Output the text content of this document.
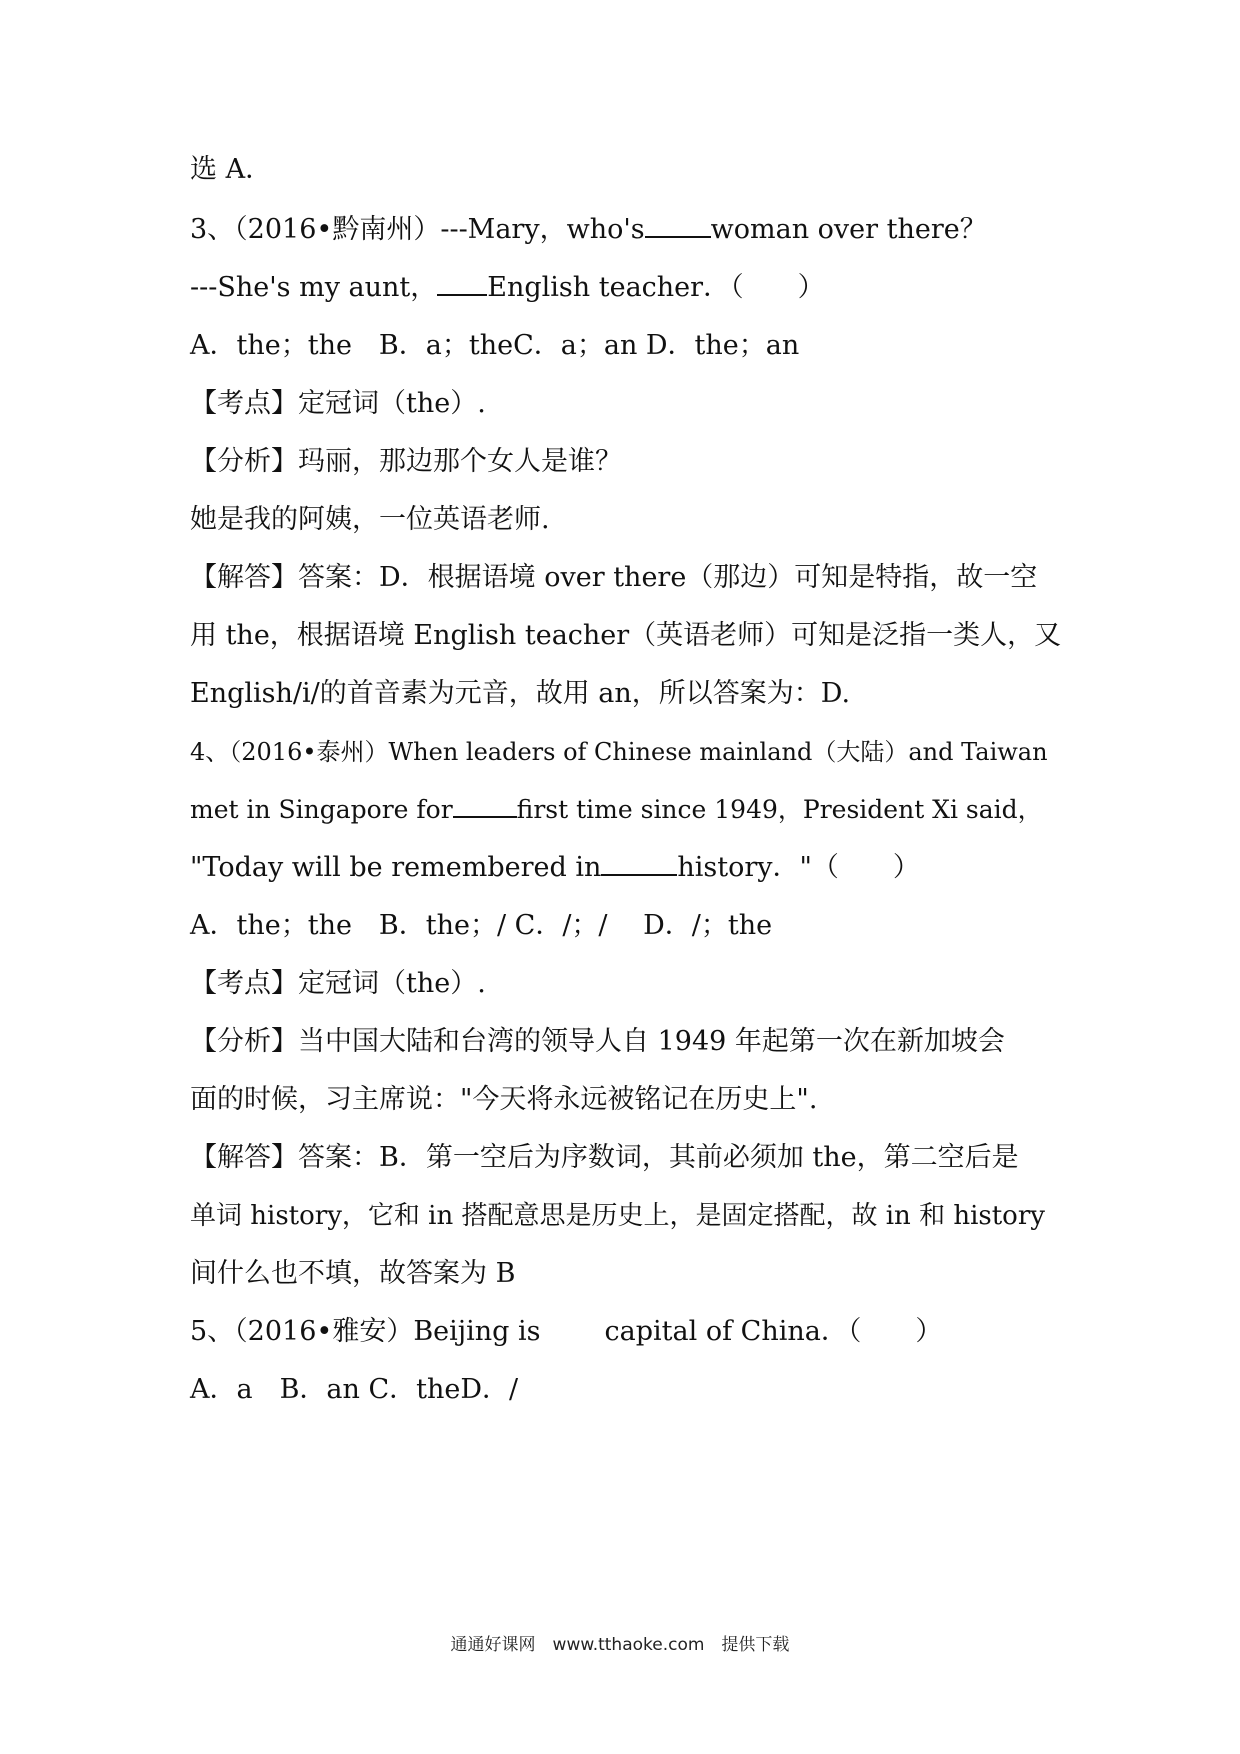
选 A．
3、（2016•黔南州）---Mary，who's woman over there？
---She's my aunt， English teacher．（　　）
A．the；the　B．a；theC．a；an D．the；an
【考点】定冠词（the）.
【分析】玛丽，那边那个女人是谁？
她是我的阿姨，一位英语老师.
【解答】答案：D．根据语境 over there（那边）可知是特指，故一空
用 the，根据语境 English teacher（英语老师）可知是泛指一类人，又
English/i/的首音素为元音，故用 an，所以答案为：D.
4、（2016•泰州）When leaders of Chinese mainland（大陆）and Taiwan
met in Singapore for	first time since 1949，President Xi said，
"Today will be remembered in	history．"（　　）
A．the；the　B．the；/ C．/；/　 D．/；the
【考点】定冠词（the）.
【分析】当中国大陆和台湾的领导人自 1949 年起第一次在新加坡会
面的时候，习主席说："今天将永远被铭记在历史上".
【解答】答案：B．第一空后为序数词，其前必须加 the，第二空后是
单词 history，它和 in 搭配意思是历史上，是固定搭配，故 in 和 history
间什么也不填，故答案为 B
5、（2016•雅安）Beijing is capital of China．（　　）
A．a　B．an C．theD．/
通通好课网　www.tthaoke.com　提供下载
